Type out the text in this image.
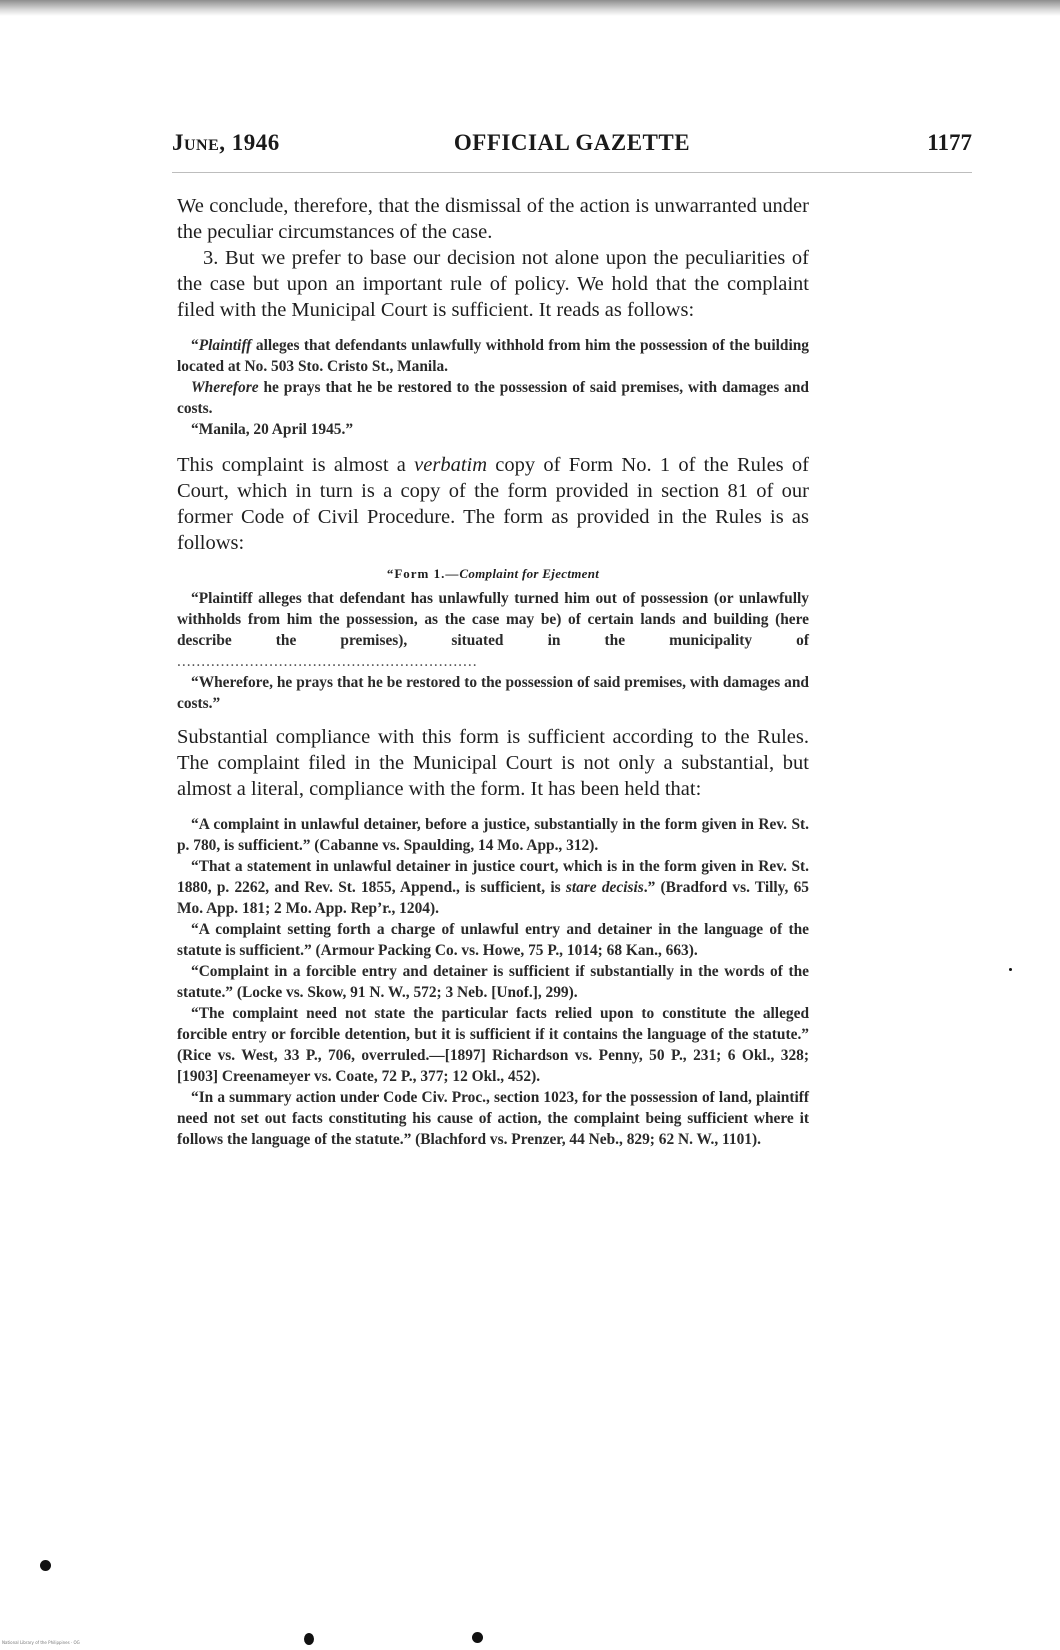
June, 1946	OFFICIAL GAZETTE	1177

We conclude, therefore, that the dismissal of the action is unwarranted under the peculiar circumstances of the case.

3. But we prefer to base our decision not alone upon the peculiarities of the case but upon an important rule of policy. We hold that the complaint filed with the Municipal Court is sufficient. It reads as follows:

“Plaintiff alleges that defendants unlawfully withhold from him the possession of the building located at No. 503 Sto. Cristo St., Manila.

Wherefore he prays that he be restored to the possession of said premises, with damages and costs.

“Manila, 20 April 1945.”

This complaint is almost a verbatim copy of Form No. 1 of the Rules of Court, which in turn is a copy of the form provided in section 81 of our former Code of Civil Procedure. The form as provided in the Rules is as follows:

“Form 1.—Complaint for Ejectment

“Plaintiff alleges that defendant has unlawfully turned him out of possession (or unlawfully withholds from him the possession, as the case may be) of certain lands and building (here describe the premises), situated in the municipality of ..............................................................

“Wherefore, he prays that he be restored to the possession of said premises, with damages and costs.”

Substantial compliance with this form is sufficient according to the Rules. The complaint filed in the Municipal Court is not only a substantial, but almost a literal, compliance with the form. It has been held that:

“A complaint in unlawful detainer, before a justice, substantially in the form given in Rev. St. p. 780, is sufficient.” (Cabanne vs. Spaulding, 14 Mo. App., 312).

“That a statement in unlawful detainer in justice court, which is in the form given in Rev. St. 1880, p. 2262, and Rev. St. 1855, Append., is sufficient, is stare decisis.” (Bradford vs. Tilly, 65 Mo. App. 181; 2 Mo. App. Rep’r., 1204).

“A complaint setting forth a charge of unlawful entry and detainer in the language of the statute is sufficient.” (Armour Packing Co. vs. Howe, 75 P., 1014; 68 Kan., 663).

“Complaint in a forcible entry and detainer is sufficient if substantially in the words of the statute.” (Locke vs. Skow, 91 N. W., 572; 3 Neb. [Unof.], 299).

“The complaint need not state the particular facts relied upon to constitute the alleged forcible entry or forcible detention, but it is sufficient if it contains the language of the statute.” (Rice vs. West, 33 P., 706, overruled.—[1897] Richardson vs. Penny, 50 P., 231; 6 Okl., 328; [1903] Creenameyer vs. Coate, 72 P., 377; 12 Okl., 452).

“In a summary action under Code Civ. Proc., section 1023, for the possession of land, plaintiff need not set out facts constituting his cause of action, the complaint being sufficient where it follows the language of the statute.” (Blachford vs. Prenzer, 44 Neb., 829; 62 N. W., 1101).

National Library of the Philippines · OG
